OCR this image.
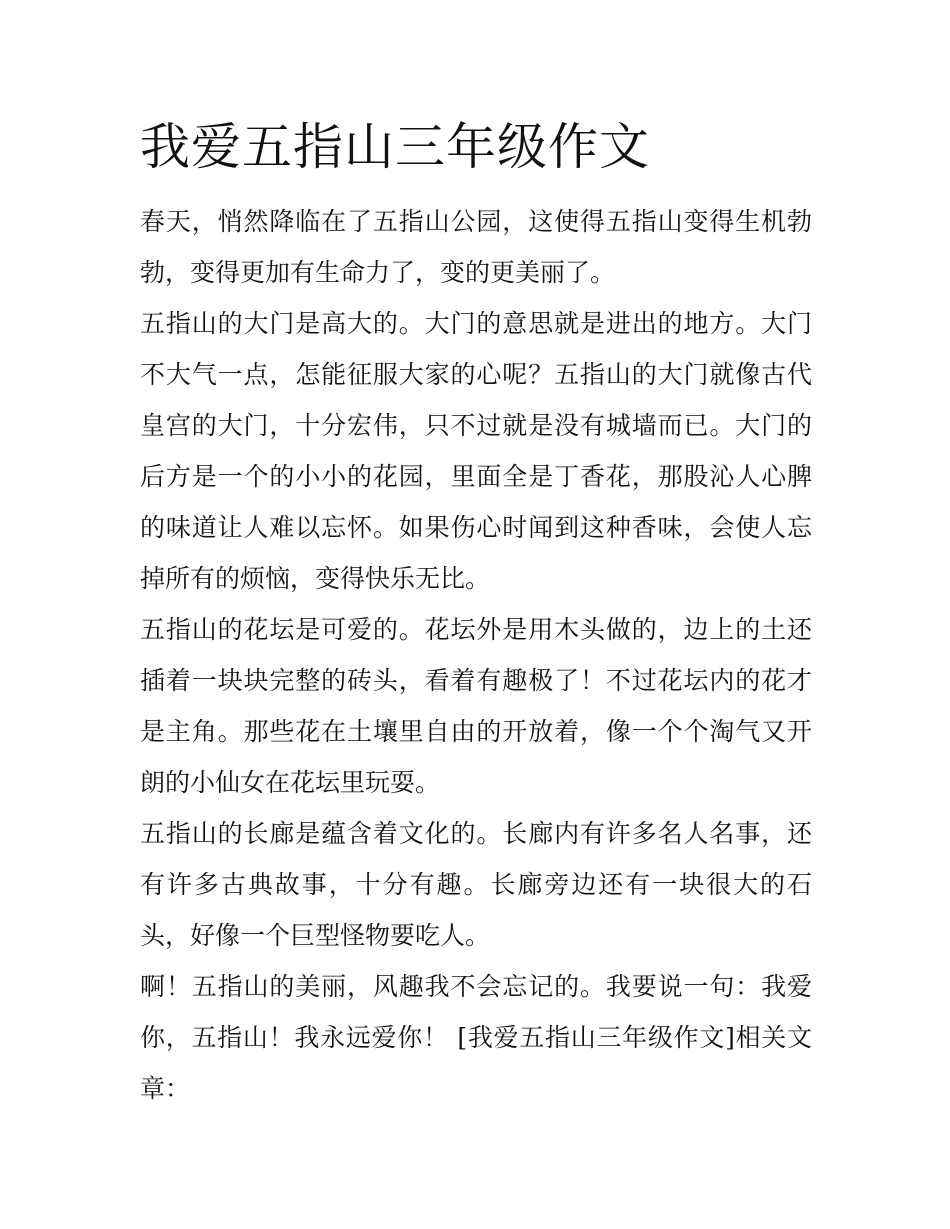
我爱五指山三年级作文

春天，悄然降临在了五指山公园，这使得五指山变得生机勃勃，变得更加有生命力了，变的更美丽了。

五指山的大门是高大的。大门的意思就是进出的地方。大门不大气一点，怎能征服大家的心呢？五指山的大门就像古代皇宫的大门，十分宏伟，只不过就是没有城墙而已。大门的后方是一个的小小的花园，里面全是丁香花，那股沁人心脾的味道让人难以忘怀。如果伤心时闻到这种香味，会使人忘掉所有的烦恼，变得快乐无比。

五指山的花坛是可爱的。花坛外是用木头做的，边上的土还插着一块块完整的砖头，看着有趣极了！不过花坛内的花才是主角。那些花在土壤里自由的开放着，像一个个淘气又开朗的小仙女在花坛里玩耍。

五指山的长廊是蕴含着文化的。长廊内有许多名人名事，还有许多古典故事，十分有趣。长廊旁边还有一块很大的石头，好像一个巨型怪物要吃人。

啊！五指山的美丽，风趣我不会忘记的。我要说一句：我爱你，五指山！我永远爱你！ [我爱五指山三年级作文]相关文章：
